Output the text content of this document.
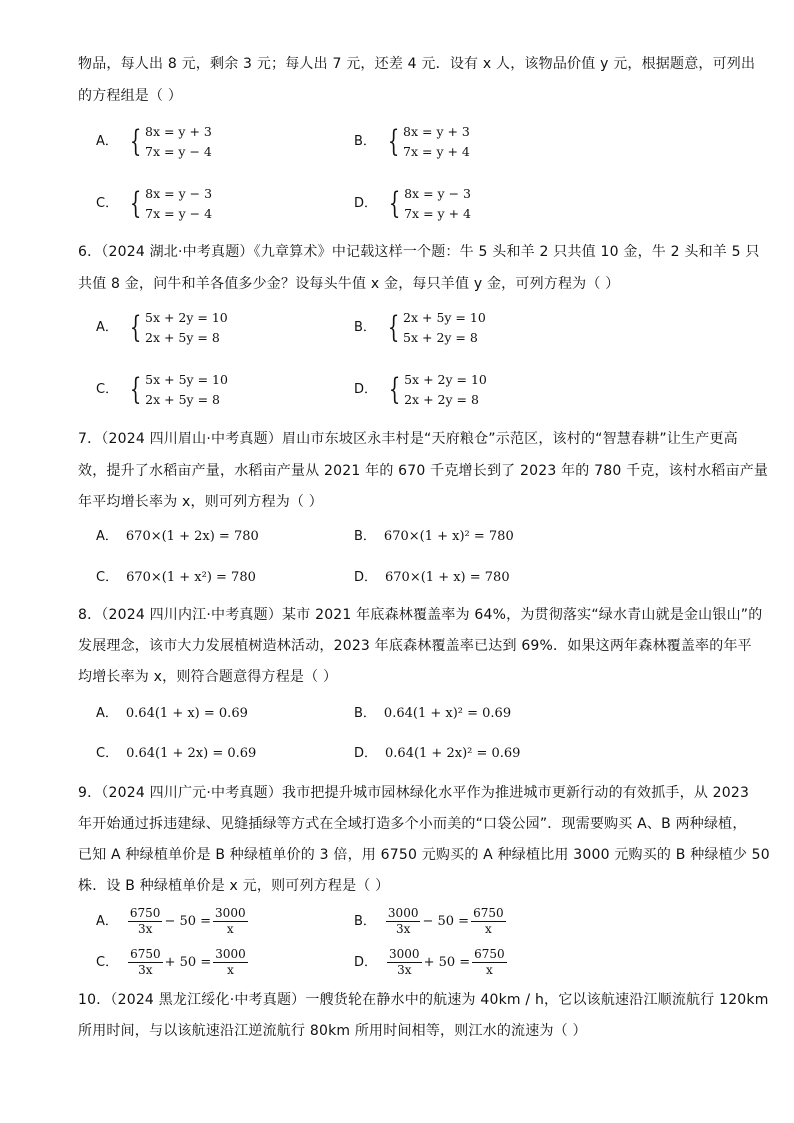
物品，每人出 8 元，剩余 3 元；每人出 7 元，还差 4 元．设有 x 人，该物品价值 y 元，根据题意，可列出
的方程组是（ ）
A． { 8x = y + 3
7x = y − 4
B． { 8x = y + 3
7x = y + 4
C． { 8x = y − 3
7x = y − 4
D． { 8x = y − 3
7x = y + 4
6．（2024 湖北·中考真题）《九章算术》中记载这样一个题：牛 5 头和羊 2 只共值 10 金，牛 2 头和羊 5 只
共值 8 金，问牛和羊各值多少金？设每头牛值 x 金，每只羊值 y 金，可列方程为（ ）
A． { 5x + 2y = 10
2x + 5y = 8
B． { 2x + 5y = 10
5x + 2y = 8
C． { 5x + 5y = 10
2x + 5y = 8
D． { 5x + 2y = 10
2x + 2y = 8
7．（2024 四川眉山·中考真题）眉山市东坡区永丰村是“天府粮仓”示范区，该村的“智慧春耕”让生产更高
效，提升了水稻亩产量，水稻亩产量从 2021 年的 670 千克增长到了 2023 年的 780 千克，该村水稻亩产量
年平均增长率为 x，则可列方程为（ ）
A． 670×(1 + 2x) = 780	B． 670×(1 + x)² = 780
C． 670×(1 + x²) = 780	D． 670×(1 + x) = 780
8．（2024 四川内江·中考真题）某市 2021 年底森林覆盖率为 64%，为贯彻落实“绿水青山就是金山银山”的
发展理念，该市大力发展植树造林活动，2023 年底森林覆盖率已达到 69%．如果这两年森林覆盖率的年平
均增长率为 x，则符合题意得方程是（ ）
A． 0.64(1 + x) = 0.69	B． 0.64(1 + x)² = 0.69
C． 0.64(1 + 2x) = 0.69	D． 0.64(1 + 2x)² = 0.69
9．（2024 四川广元·中考真题）我市把提升城市园林绿化水平作为推进城市更新行动的有效抓手，从 2023
年开始通过拆违建绿、见缝插绿等方式在全域打造多个小而美的“口袋公园”．现需要购买 A、B 两种绿植，
已知 A 种绿植单价是 B 种绿植单价的 3 倍，用 6750 元购买的 A 种绿植比用 3000 元购买的 B 种绿植少 50
株．设 B 种绿植单价是 x 元，则可列方程是（ ）
A． $\frac{6750}{3x} - 50 = \frac{3000}{x}$	B． $\frac{3000}{3x} - 50 = \frac{6750}{x}$
C． $\frac{6750}{3x} + 50 = \frac{3000}{x}$	D． $\frac{3000}{3x} + 50 = \frac{6750}{x}$
10．（2024 黑龙江绥化·中考真题）一艘货轮在静水中的航速为 40km / h，它以该航速沿江顺流航行 120km
所用时间，与以该航速沿江逆流航行 80km 所用时间相等，则江水的流速为（ ）
